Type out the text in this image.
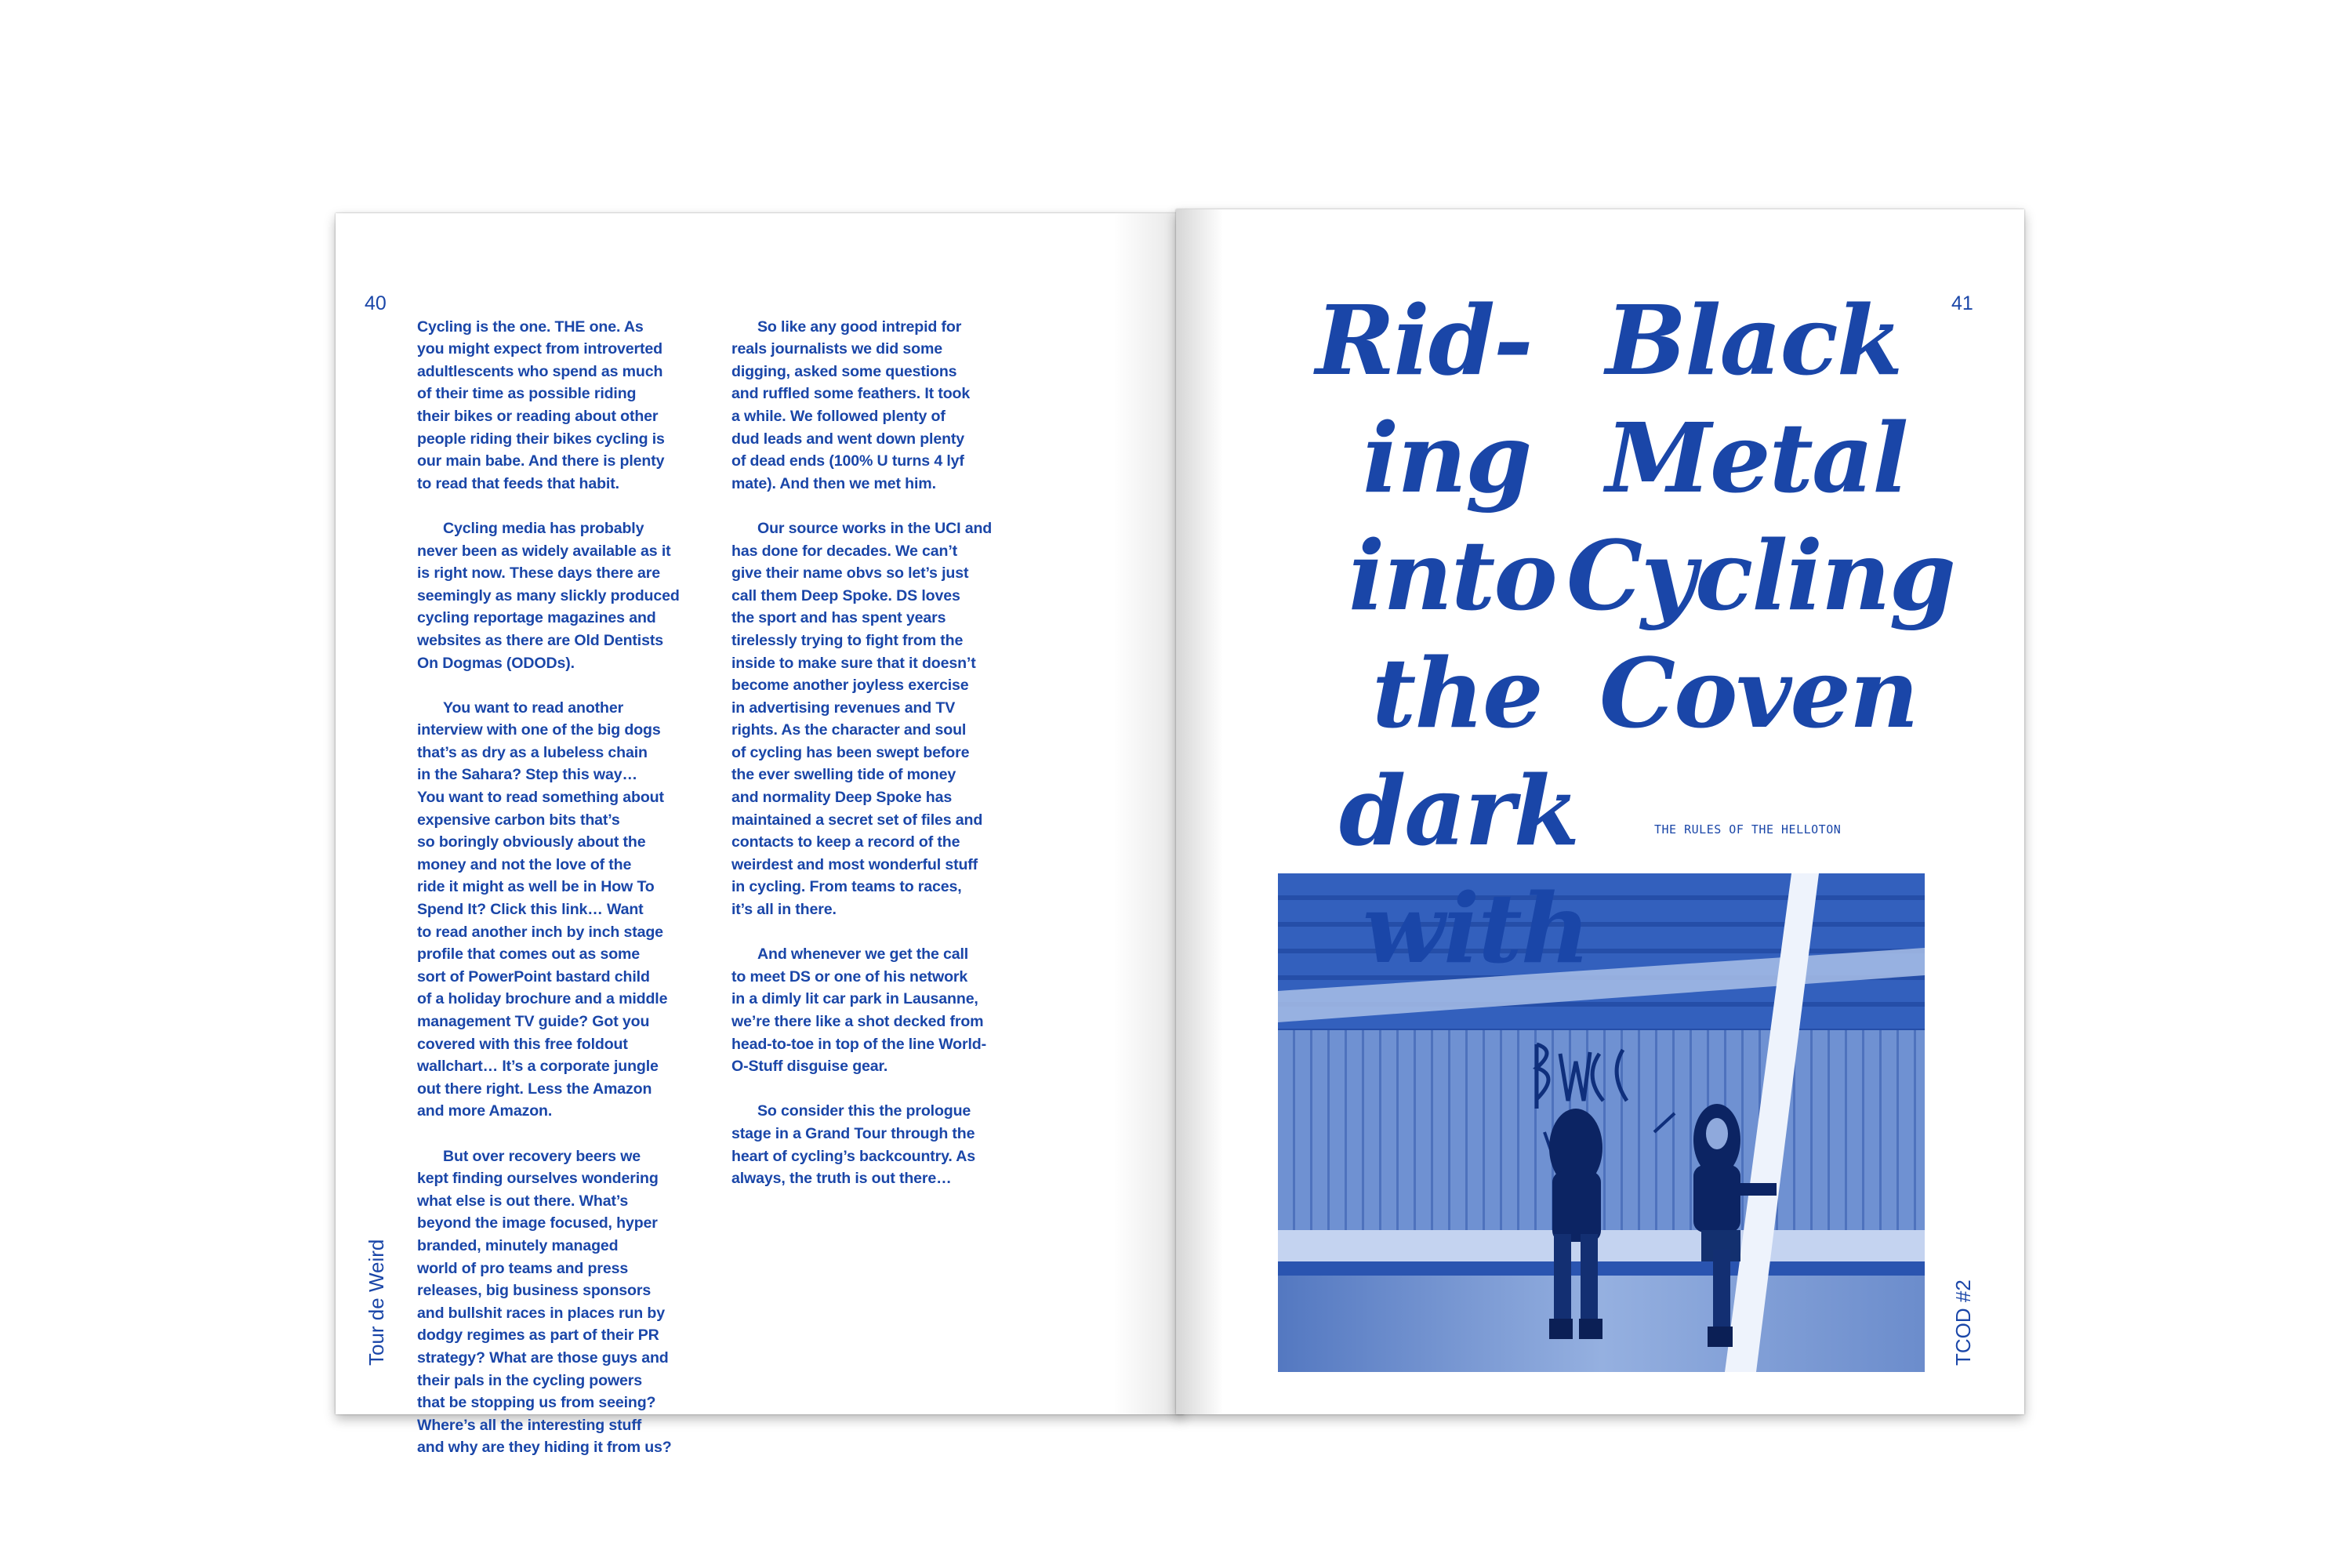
40

Cycling is the one. THE one. As
you might expect from introverted
adultlescents who spend as much
of their time as possible riding
their bikes or reading about other
people riding their bikes cycling is
our main babe. And there is plenty
to read that feeds that habit.

Cycling media has probably
never been as widely available as it
is right now. These days there are
seemingly as many slickly produced
cycling reportage magazines and
websites as there are Old Dentists
On Dogmas (ODODs).

You want to read another
interview with one of the big dogs
that’s as dry as a lubeless chain
in the Sahara? Step this way…
You want to read something about
expensive carbon bits that’s
so boringly obviously about the
money and not the love of the
ride it might as well be in How To
Spend It? Click this link… Want
to read another inch by inch stage
profile that comes out as some
sort of PowerPoint bastard child
of a holiday brochure and a middle
management TV guide? Got you
covered with this free foldout
wallchart… It’s a corporate jungle
out there right. Less the Amazon
and more Amazon.

But over recovery beers we
kept finding ourselves wondering
what else is out there. What’s
beyond the image focused, hyper
branded, minutely managed
world of pro teams and press
releases, big business sponsors
and bullshit races in places run by
dodgy regimes as part of their PR
strategy? What are those guys and
their pals in the cycling powers
that be stopping us from seeing?
Where’s all the interesting stuff
and why are they hiding it from us?

So like any good intrepid for
reals journalists we did some
digging, asked some questions
and ruffled some feathers. It took
a while. We followed plenty of
dud leads and went down plenty
of dead ends (100% U turns 4 lyf
mate). And then we met him.

Our source works in the UCI and
has done for decades. We can’t
give their name obvs so let’s just
call them Deep Spoke. DS loves
the sport and has spent years
tirelessly trying to fight from the
inside to make sure that it doesn’t
become another joyless exercise
in advertising revenues and TV
rights. As the character and soul
of cycling has been swept before
the ever swelling tide of money
and normality Deep Spoke has
maintained a secret set of files and
contacts to keep a record of the
weirdest and most wonderful stuff
in cycling. From teams to races,
it’s all in there.

And whenever we get the call
to meet DS or one of his network
in a dimly lit car park in Lausanne,
we’re there like a shot decked from
head-to-toe in top of the line World-
O-Stuff disguise gear.

So consider this the prologue
stage in a Grand Tour through the
heart of cycling’s backcountry. As
always, the truth is out there…

Tour de Weird
41
Rid-
ing
into
the
dark
with
Black
Metal
Cycling
Coven
THE RULES OF THE HELLOTON
TCOD #2
